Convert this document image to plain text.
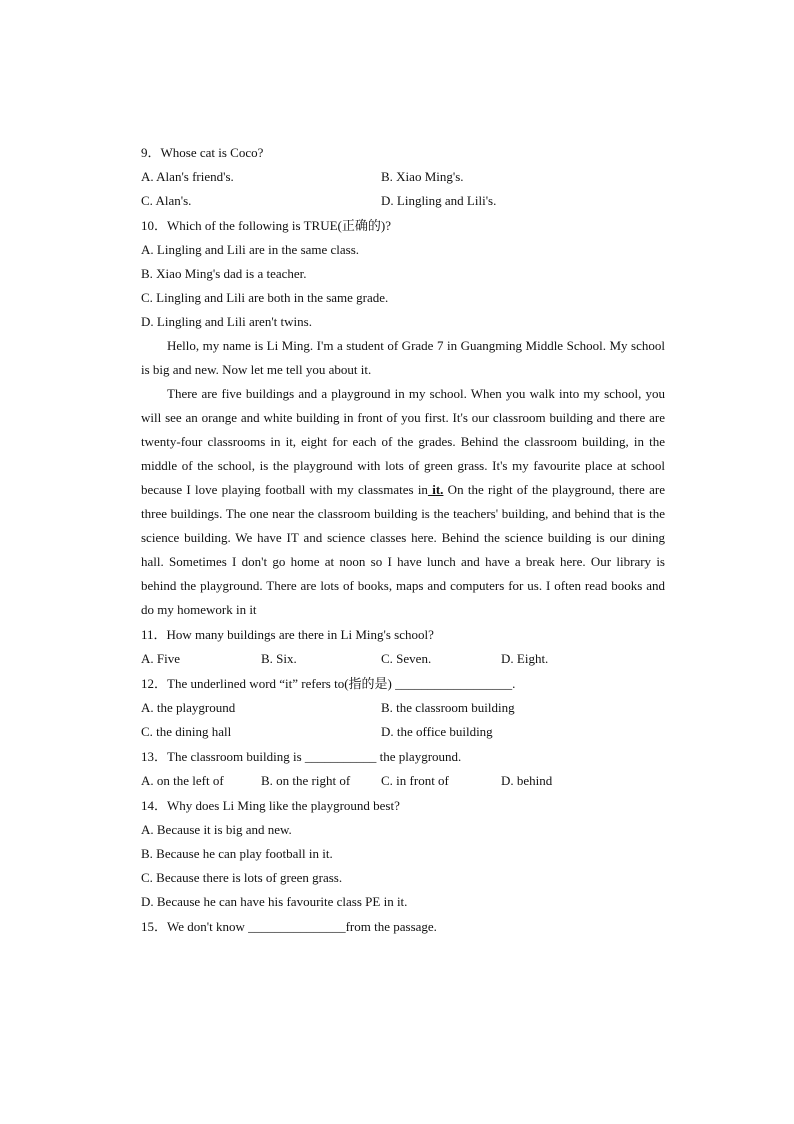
9．Whose cat is Coco?
A. Alan's friend's.	B. Xiao Ming's.
C. Alan's.	D. Lingling and Lili's.
10．Which of the following is TRUE(正确的)?
A. Lingling and Lili are in the same class.
B. Xiao Ming's dad is a teacher.
C. Lingling and Lili are both in the same grade.
D. Lingling and Lili aren't twins.

Hello, my name is Li Ming. I'm a student of Grade 7 in Guangming Middle School. My school is big and new. Now let me tell you about it.

There are five buildings and a playground in my school. When you walk into my school, you will see an orange and white building in front of you first. It's our classroom building and there are twenty-four classrooms in it, eight for each of the grades. Behind the classroom building, in the middle of the school, is the playground with lots of green grass. It's my favourite place at school because I love playing football with my classmates in it. On the right of the playground, there are three buildings. The one near the classroom building is the teachers' building, and behind that is the science building. We have IT and science classes here. Behind the science building is our dining hall. Sometimes I don't go home at noon so I have lunch and have a break here. Our library is behind the playground. There are lots of books, maps and computers for us. I often read books and do my homework in it

11．How many buildings are there in Li Ming's school?
A. Five	B. Six.	C. Seven.	D. Eight.
12．The underlined word “it” refers to(指的是) __________________.
A. the playground	B. the classroom building
C. the dining hall	D. the office building
13．The classroom building is ___________ the playground.
A. on the left of	B. on the right of	C. in front of	D. behind
14．Why does Li Ming like the playground best?
A. Because it is big and new.
B. Because he can play football in it.
C. Because there is lots of green grass.
D. Because he can have his favourite class PE in it.
15．We don't know _______________from the passage.
